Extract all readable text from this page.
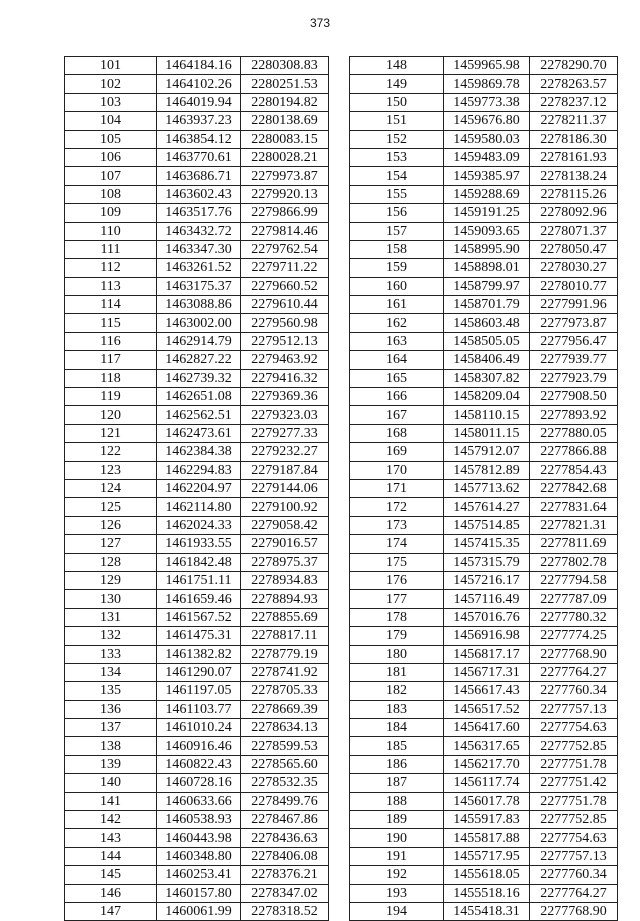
373
101	1464184.16	2280308.83
102	1464102.26	2280251.53
103	1464019.94	2280194.82
104	1463937.23	2280138.69
105	1463854.12	2280083.15
106	1463770.61	2280028.21
107	1463686.71	2279973.87
108	1463602.43	2279920.13
109	1463517.76	2279866.99
110	1463432.72	2279814.46
111	1463347.30	2279762.54
112	1463261.52	2279711.22
113	1463175.37	2279660.52
114	1463088.86	2279610.44
115	1463002.00	2279560.98
116	1462914.79	2279512.13
117	1462827.22	2279463.92
118	1462739.32	2279416.32
119	1462651.08	2279369.36
120	1462562.51	2279323.03
121	1462473.61	2279277.33
122	1462384.38	2279232.27
123	1462294.83	2279187.84
124	1462204.97	2279144.06
125	1462114.80	2279100.92
126	1462024.33	2279058.42
127	1461933.55	2279016.57
128	1461842.48	2278975.37
129	1461751.11	2278934.83
130	1461659.46	2278894.93
131	1461567.52	2278855.69
132	1461475.31	2278817.11
133	1461382.82	2278779.19
134	1461290.07	2278741.92
135	1461197.05	2278705.33
136	1461103.77	2278669.39
137	1461010.24	2278634.13
138	1460916.46	2278599.53
139	1460822.43	2278565.60
140	1460728.16	2278532.35
141	1460633.66	2278499.76
142	1460538.93	2278467.86
143	1460443.98	2278436.63
144	1460348.80	2278406.08
145	1460253.41	2278376.21
146	1460157.80	2278347.02
147	1460061.99	2278318.52
148	1459965.98	2278290.70
149	1459869.78	2278263.57
150	1459773.38	2278237.12
151	1459676.80	2278211.37
152	1459580.03	2278186.30
153	1459483.09	2278161.93
154	1459385.97	2278138.24
155	1459288.69	2278115.26
156	1459191.25	2278092.96
157	1459093.65	2278071.37
158	1458995.90	2278050.47
159	1458898.01	2278030.27
160	1458799.97	2278010.77
161	1458701.79	2277991.96
162	1458603.48	2277973.87
163	1458505.05	2277956.47
164	1458406.49	2277939.77
165	1458307.82	2277923.79
166	1458209.04	2277908.50
167	1458110.15	2277893.92
168	1458011.15	2277880.05
169	1457912.07	2277866.88
170	1457812.89	2277854.43
171	1457713.62	2277842.68
172	1457614.27	2277831.64
173	1457514.85	2277821.31
174	1457415.35	2277811.69
175	1457315.79	2277802.78
176	1457216.17	2277794.58
177	1457116.49	2277787.09
178	1457016.76	2277780.32
179	1456916.98	2277774.25
180	1456817.17	2277768.90
181	1456717.31	2277764.27
182	1456617.43	2277760.34
183	1456517.52	2277757.13
184	1456417.60	2277754.63
185	1456317.65	2277752.85
186	1456217.70	2277751.78
187	1456117.74	2277751.42
188	1456017.78	2277751.78
189	1455917.83	2277752.85
190	1455817.88	2277754.63
191	1455717.95	2277757.13
192	1455618.05	2277760.34
193	1455518.16	2277764.27
194	1455418.31	2277768.90
